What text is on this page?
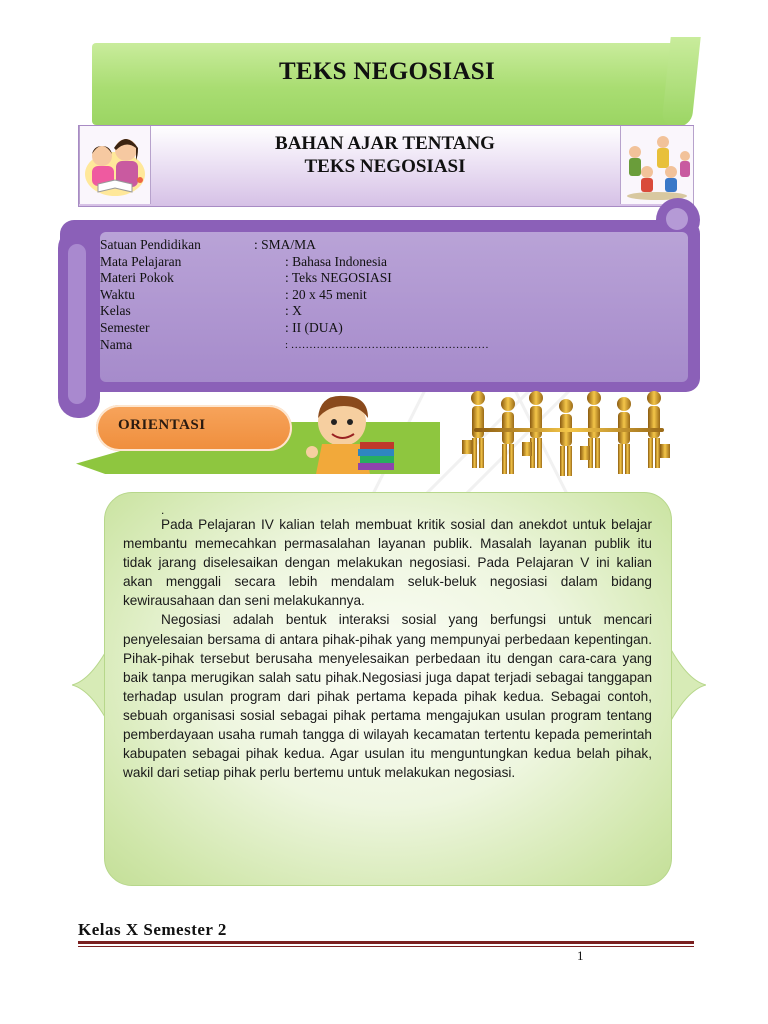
TEKS NEGOSIASI
BAHAN AJAR TENTANG
TEKS NEGOSIASI
Satuan Pendidikan	: SMA/MA
Mata Pelajaran	: Bahasa Indonesia
Materi Pokok	: Teks NEGOSIASI
Waktu	: 20 x 45 menit
Kelas	: X
Semester	: II (DUA)
Nama	: ………………………………………………
ORIENTASI
.

Pada Pelajaran IV kalian telah membuat kritik sosial dan anekdot untuk belajar membantu memecahkan permasalahan layanan publik. Masalah layanan publik itu tidak jarang diselesaikan dengan melakukan negosiasi. Pada Pelajaran V ini kalian akan menggali secara lebih mendalam seluk-beluk negosiasi dalam bidang kewirausahaan dan seni melakukannya.

Negosiasi adalah bentuk interaksi sosial yang berfungsi untuk mencari penyelesaian bersama di antara pihak-pihak yang mempunyai perbedaan kepentingan. Pihak-pihak tersebut berusaha menyelesaikan perbedaan itu dengan cara-cara yang baik tanpa merugikan salah satu pihak.Negosiasi juga dapat terjadi sebagai tanggapan terhadap usulan program dari pihak pertama kepada pihak kedua. Sebagai contoh, sebuah organisasi sosial sebagai pihak pertama mengajukan usulan program tentang pemberdayaan usaha rumah tangga di wilayah kecamatan tertentu kepada pemerintah kabupaten sebagai pihak kedua. Agar usulan itu menguntungkan kedua belah pihak, wakil dari setiap pihak perlu bertemu untuk melakukan negosiasi.

Kelas X Semester 2
1
